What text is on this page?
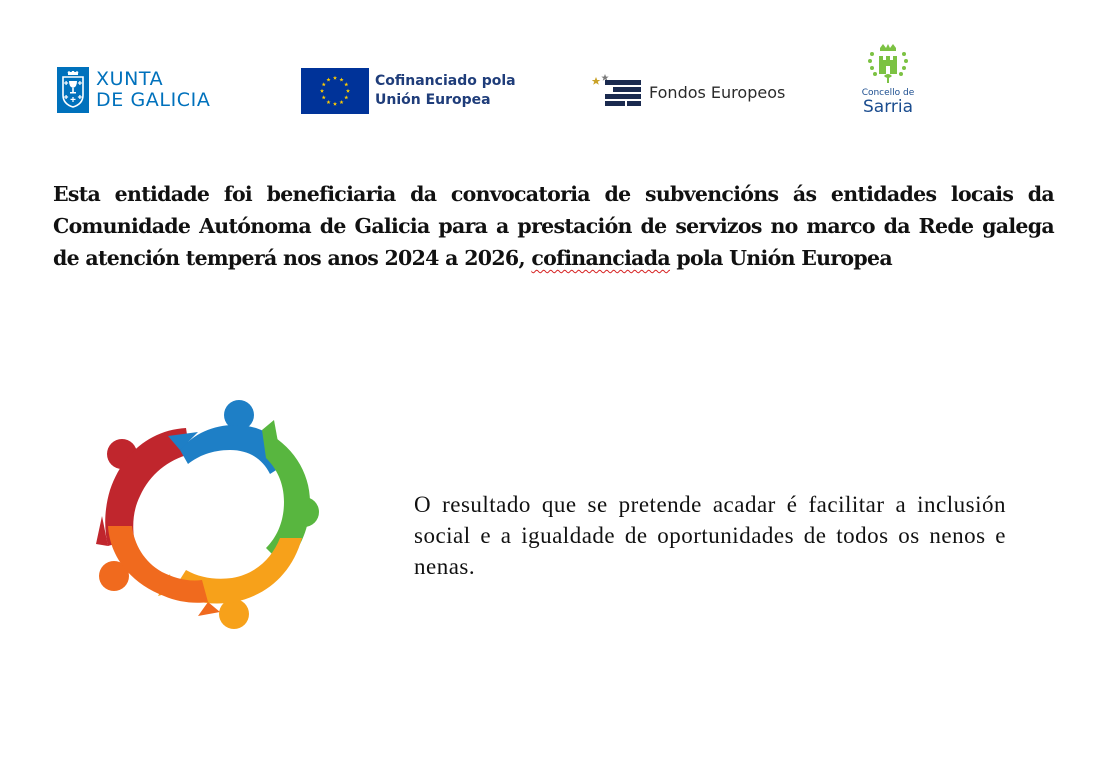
XUNTA
DE GALICIA
Cofinanciado pola
Unión Europea	Fondos Europeos	Concello de
Sarria

Esta entidade foi beneficiaria da convocatoria de subvencións ás entidades locais da Comunidade Autónoma de Galicia para a prestación de servizos no marco da Rede galega de atención temperá nos anos 2024 a 2026, cofinanciada pola Unión Europea

O resultado que se pretende acadar é facilitar a inclusión social e a igualdade de oportunidades de todos os nenos e nenas.
